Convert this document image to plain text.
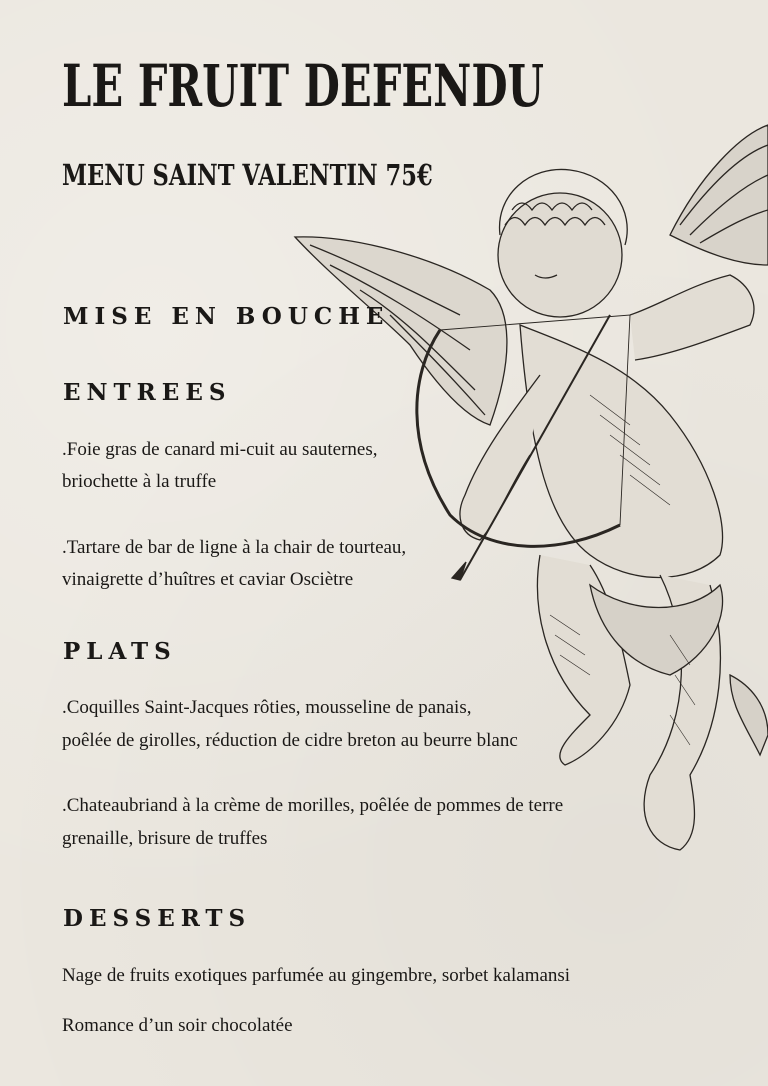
LE FRUIT DEFENDU
MENU SAINT VALENTIN 75€
MISE EN BOUCHE
ENTREES
.Foie gras de canard mi-cuit au sauternes,
briochette à la truffe
.Tartare de bar de ligne à la chair de tourteau,
vinaigrette d’huîtres et caviar Osciètre
PLATS
.Coquilles Saint-Jacques rôties, mousseline de panais,
poêlée de girolles, réduction de cidre breton au beurre blanc
.Chateaubriand à la crème de morilles, poêlée de pommes de terre
grenaille, brisure de truffes
DESSERTS
Nage de fruits exotiques parfumée au gingembre, sorbet kalamansi
Romance d’un soir chocolatée
